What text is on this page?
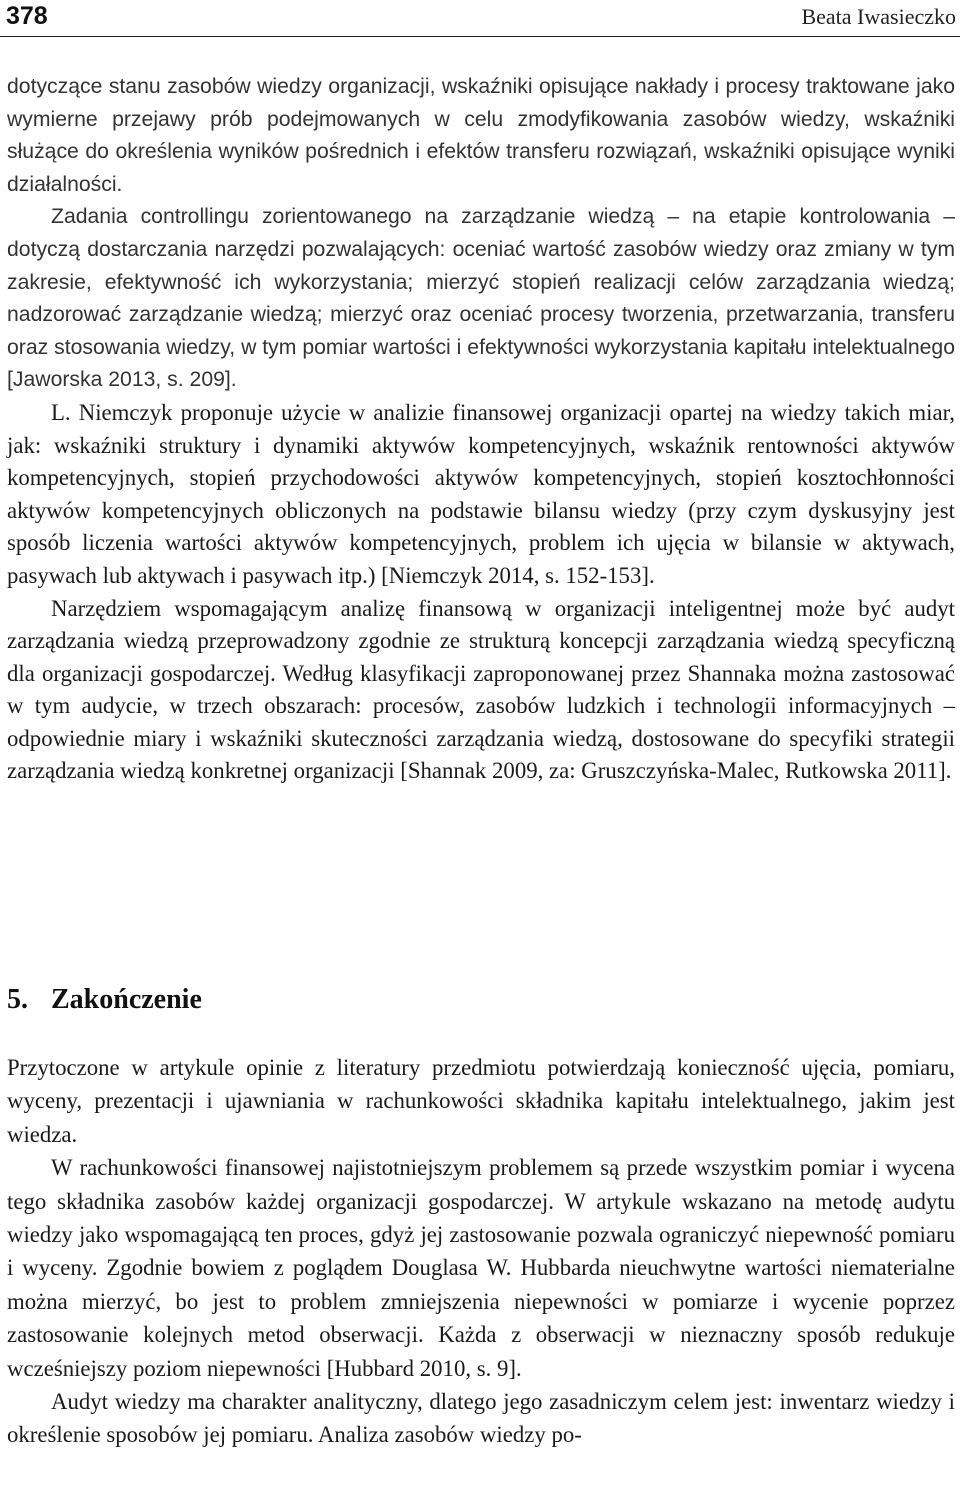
378	Beata Iwasieczko

dotyczące stanu zasobów wiedzy organizacji, wskaźniki opisujące nakłady i procesy traktowane jako wymierne przejawy prób podejmowanych w celu zmodyfikowania zasobów wiedzy, wskaźniki służące do określenia wyników pośrednich i efektów transferu rozwiązań, wskaźniki opisujące wyniki działalności.

Zadania controllingu zorientowanego na zarządzanie wiedzą – na etapie kontrolowania – dotyczą dostarczania narzędzi pozwalających: oceniać wartość zasobów wiedzy oraz zmiany w tym zakresie, efektywność ich wykorzystania; mierzyć stopień realizacji celów zarządzania wiedzą; nadzorować zarządzanie wiedzą; mierzyć oraz oceniać procesy tworzenia, przetwarzania, transferu oraz stosowania wiedzy, w tym pomiar wartości i efektywności wykorzystania kapitału intelektualnego [Jaworska 2013, s. 209].

L. Niemczyk proponuje użycie w analizie finansowej organizacji opartej na wiedzy takich miar, jak: wskaźniki struktury i dynamiki aktywów kompetencyjnych, wskaźnik rentowności aktywów kompetencyjnych, stopień przychodowości aktywów kompetencyjnych, stopień kosztochłonności aktywów kompetencyjnych obliczonych na podstawie bilansu wiedzy (przy czym dyskusyjny jest sposób liczenia wartości aktywów kompetencyjnych, problem ich ujęcia w bilansie w aktywach, pasywach lub aktywach i pasywach itp.) [Niemczyk 2014, s. 152-153].

Narzędziem wspomagającym analizę finansową w organizacji inteligentnej może być audyt zarządzania wiedzą przeprowadzony zgodnie ze strukturą koncepcji zarządzania wiedzą specyficzną dla organizacji gospodarczej. Według klasyfikacji zaproponowanej przez Shannaka można zastosować w tym audycie, w trzech obszarach: procesów, zasobów ludzkich i technologii informacyjnych – odpowiednie miary i wskaźniki skuteczności zarządzania wiedzą, dostosowane do specyfiki strategii zarządzania wiedzą konkretnej organizacji [Shannak 2009, za: Gruszczyńska-Malec, Rutkowska 2011].

5. Zakończenie

Przytoczone w artykule opinie z literatury przedmiotu potwierdzają konieczność ujęcia, pomiaru, wyceny, prezentacji i ujawniania w rachunkowości składnika kapitału intelektualnego, jakim jest wiedza.

W rachunkowości finansowej najistotniejszym problemem są przede wszystkim pomiar i wycena tego składnika zasobów każdej organizacji gospodarczej. W artykule wskazano na metodę audytu wiedzy jako wspomagającą ten proces, gdyż jej zastosowanie pozwala ograniczyć niepewność pomiaru i wyceny. Zgodnie bowiem z poglądem Douglasa W. Hubbarda nieuchwytne wartości niematerialne można mierzyć, bo jest to problem zmniejszenia niepewności w pomiarze i wycenie poprzez zastosowanie kolejnych metod obserwacji. Każda z obserwacji w nieznaczny sposób redukuje wcześniejszy poziom niepewności [Hubbard 2010, s. 9].

Audyt wiedzy ma charakter analityczny, dlatego jego zasadniczym celem jest: inwentarz wiedzy i określenie sposobów jej pomiaru. Analiza zasobów wiedzy po-
